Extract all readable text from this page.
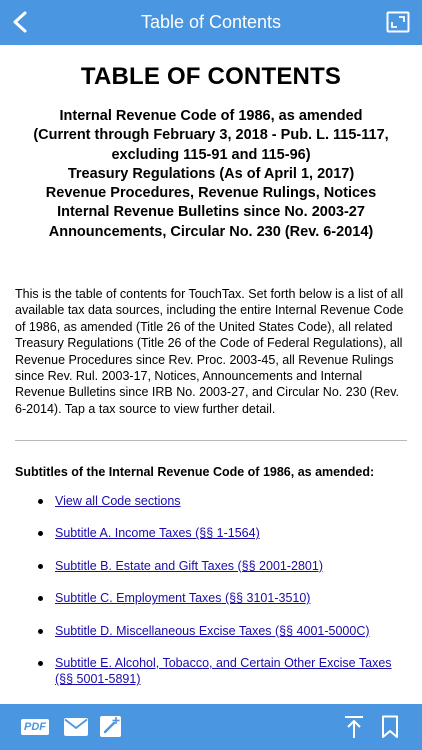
Table of Contents
TABLE OF CONTENTS
Internal Revenue Code of 1986, as amended
(Current through February 3, 2018 - Pub. L. 115-117,
excluding 115-91 and 115-96)
Treasury Regulations (As of April 1, 2017)
Revenue Procedures, Revenue Rulings, Notices
Internal Revenue Bulletins since No. 2003-27
Announcements, Circular No. 230 (Rev. 6-2014)

This is the table of contents for TouchTax. Set forth below is a list of all available tax data sources, including the entire Internal Revenue Code of 1986, as amended (Title 26 of the United States Code), all related Treasury Regulations (Title 26 of the Code of Federal Regulations), all Revenue Procedures since Rev. Proc. 2003-45, all Revenue Rulings since Rev. Rul. 2003-17, Notices, Announcements and Internal Revenue Bulletins since IRB No. 2003-27, and Circular No. 230 (Rev. 6-2014). Tap a tax source to view further detail.

Subtitles of the Internal Revenue Code of 1986, as amended:
View all Code sections
Subtitle A. Income Taxes (§§ 1-1564)
Subtitle B. Estate and Gift Taxes (§§ 2001-2801)
Subtitle C. Employment Taxes (§§ 3101-3510)
Subtitle D. Miscellaneous Excise Taxes (§§ 4001-5000C)
Subtitle E. Alcohol, Tobacco, and Certain Other Excise Taxes (§§ 5001-5891)
PDF
